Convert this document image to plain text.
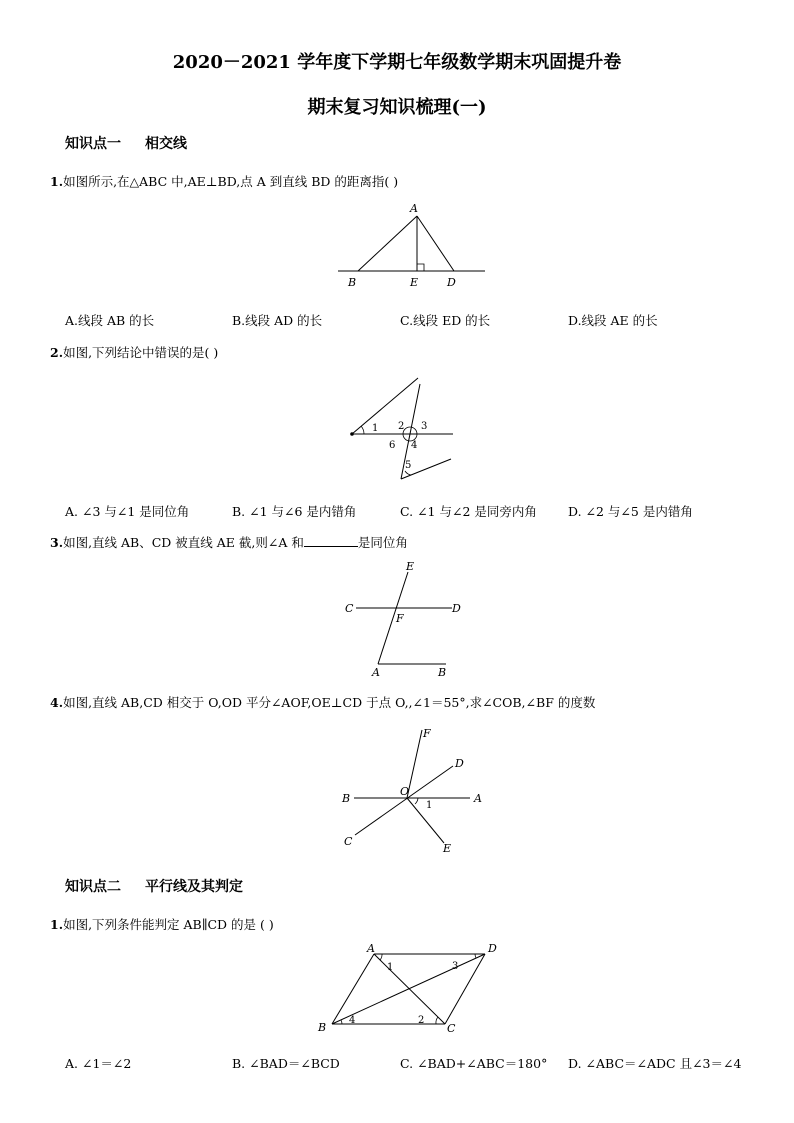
2020－2021 学年度下学期七年级数学期末巩固提升卷
期末复习知识梳理(一)
知识点一 相交线
1.如图所示,在△ABC 中,AE⊥BD,点 A 到直线 BD 的距离指( )
A
B	E	D
A.线段 AB 的长	B.线段 AD 的长	C.线段 ED 的长	D.线段 AE 的长
2.如图,下列结论中错误的是( )
1 2 3
4
5
6
A. ∠3 与∠1 是同位角	B. ∠1 与∠6 是内错角	C. ∠1 与∠2 是同旁内角 D. ∠2 与∠5 是内错角
3.如图,直线 AB、CD 被直线 AE 截,则∠A 和	是同位角
E
C	D
F
A	B
4.如图,直线 AB,CD 相交于 O,OD 平分∠AOF,OE⊥CD 于点 O,,∠1＝55°,求∠COB,∠BF 的度数
F
D
B
O
1
A
C
E
知识点二 平行线及其判定
1.如图,下列条件能判定 AB∥CD 的是 ( )
A	D
B	C
1
2
3
4
A. ∠1＝∠2	B. ∠BAD＝∠BCD	C. ∠BAD+∠ABC＝180° D. ∠ABC＝∠ADC 且∠3＝∠4
